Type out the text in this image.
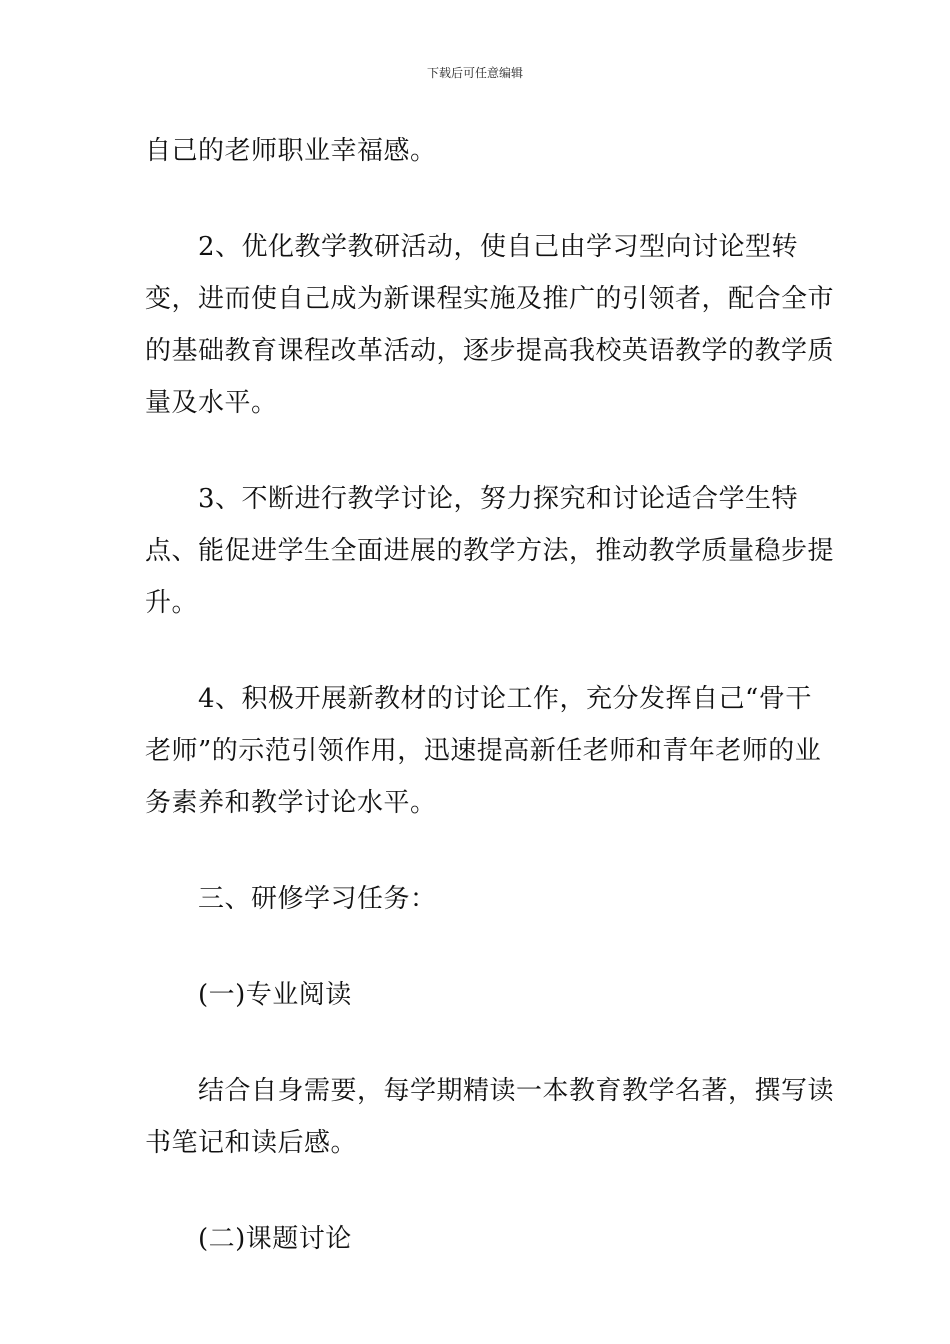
下载后可任意编辑

自己的老师职业幸福感。

2、优化教学教研活动，使自己由学习型向讨论型转变，进而使自己成为新课程实施及推广的引领者，配合全市的基础教育课程改革活动，逐步提高我校英语教学的教学质量及水平。

3、不断进行教学讨论，努力探究和讨论适合学生特点、能促进学生全面进展的教学方法，推动教学质量稳步提升。

4、积极开展新教材的讨论工作，充分发挥自己“骨干老师”的示范引领作用，迅速提高新任老师和青年老师的业务素养和教学讨论水平。

三、研修学习任务：

(一)专业阅读

结合自身需要，每学期精读一本教育教学名著，撰写读书笔记和读后感。

(二)课题讨论
